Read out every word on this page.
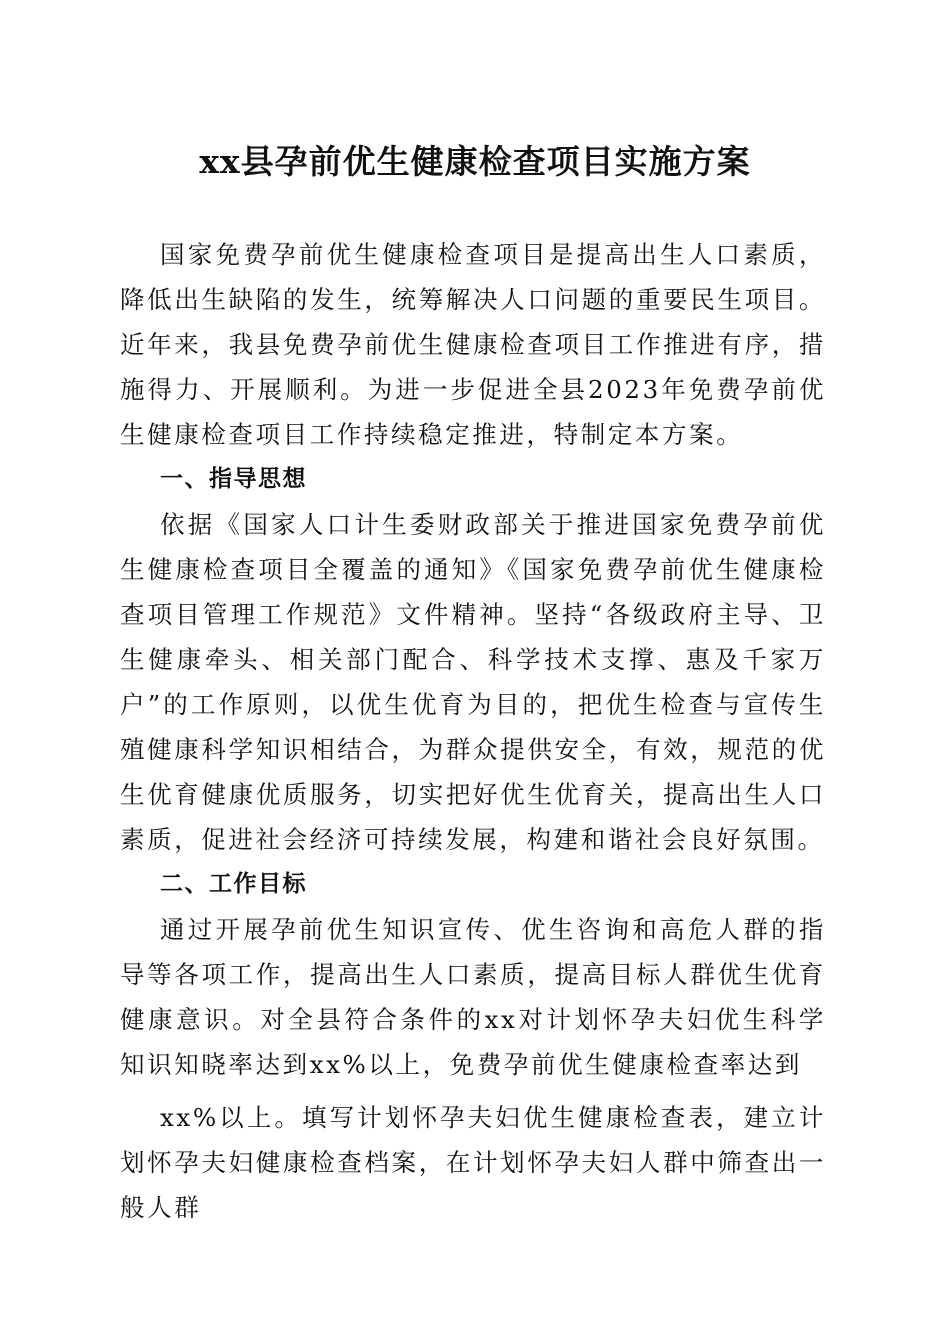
xx县孕前优生健康检查项目实施方案

国家免费孕前优生健康检查项目是提高出生人口素质，降低出生缺陷的发生，统筹解决人口问题的重要民生项目。近年来，我县免费孕前优生健康检查项目工作推进有序，措施得力、开展顺利。为进一步促进全县2023年免费孕前优生健康检查项目工作持续稳定推进，特制定本方案。

一、指导思想

依据《国家人口计生委财政部关于推进国家免费孕前优生健康检查项目全覆盖的通知》《国家免费孕前优生健康检查项目管理工作规范》文件精神。坚持“各级政府主导、卫生健康牵头、相关部门配合、科学技术支撑、惠及千家万户”的工作原则，以优生优育为目的，把优生检查与宣传生殖健康科学知识相结合，为群众提供安全，有效，规范的优生优育健康优质服务，切实把好优生优育关，提高出生人口素质，促进社会经济可持续发展，构建和谐社会良好氛围。

二、工作目标

通过开展孕前优生知识宣传、优生咨询和高危人群的指导等各项工作，提高出生人口素质，提高目标人群优生优育健康意识。对全县符合条件的xx对计划怀孕夫妇优生科学知识知晓率达到xx%以上，免费孕前优生健康检查率达到

xx%以上。填写计划怀孕夫妇优生健康检查表，建立计划怀孕夫妇健康检查档案，在计划怀孕夫妇人群中筛查出一般人群
